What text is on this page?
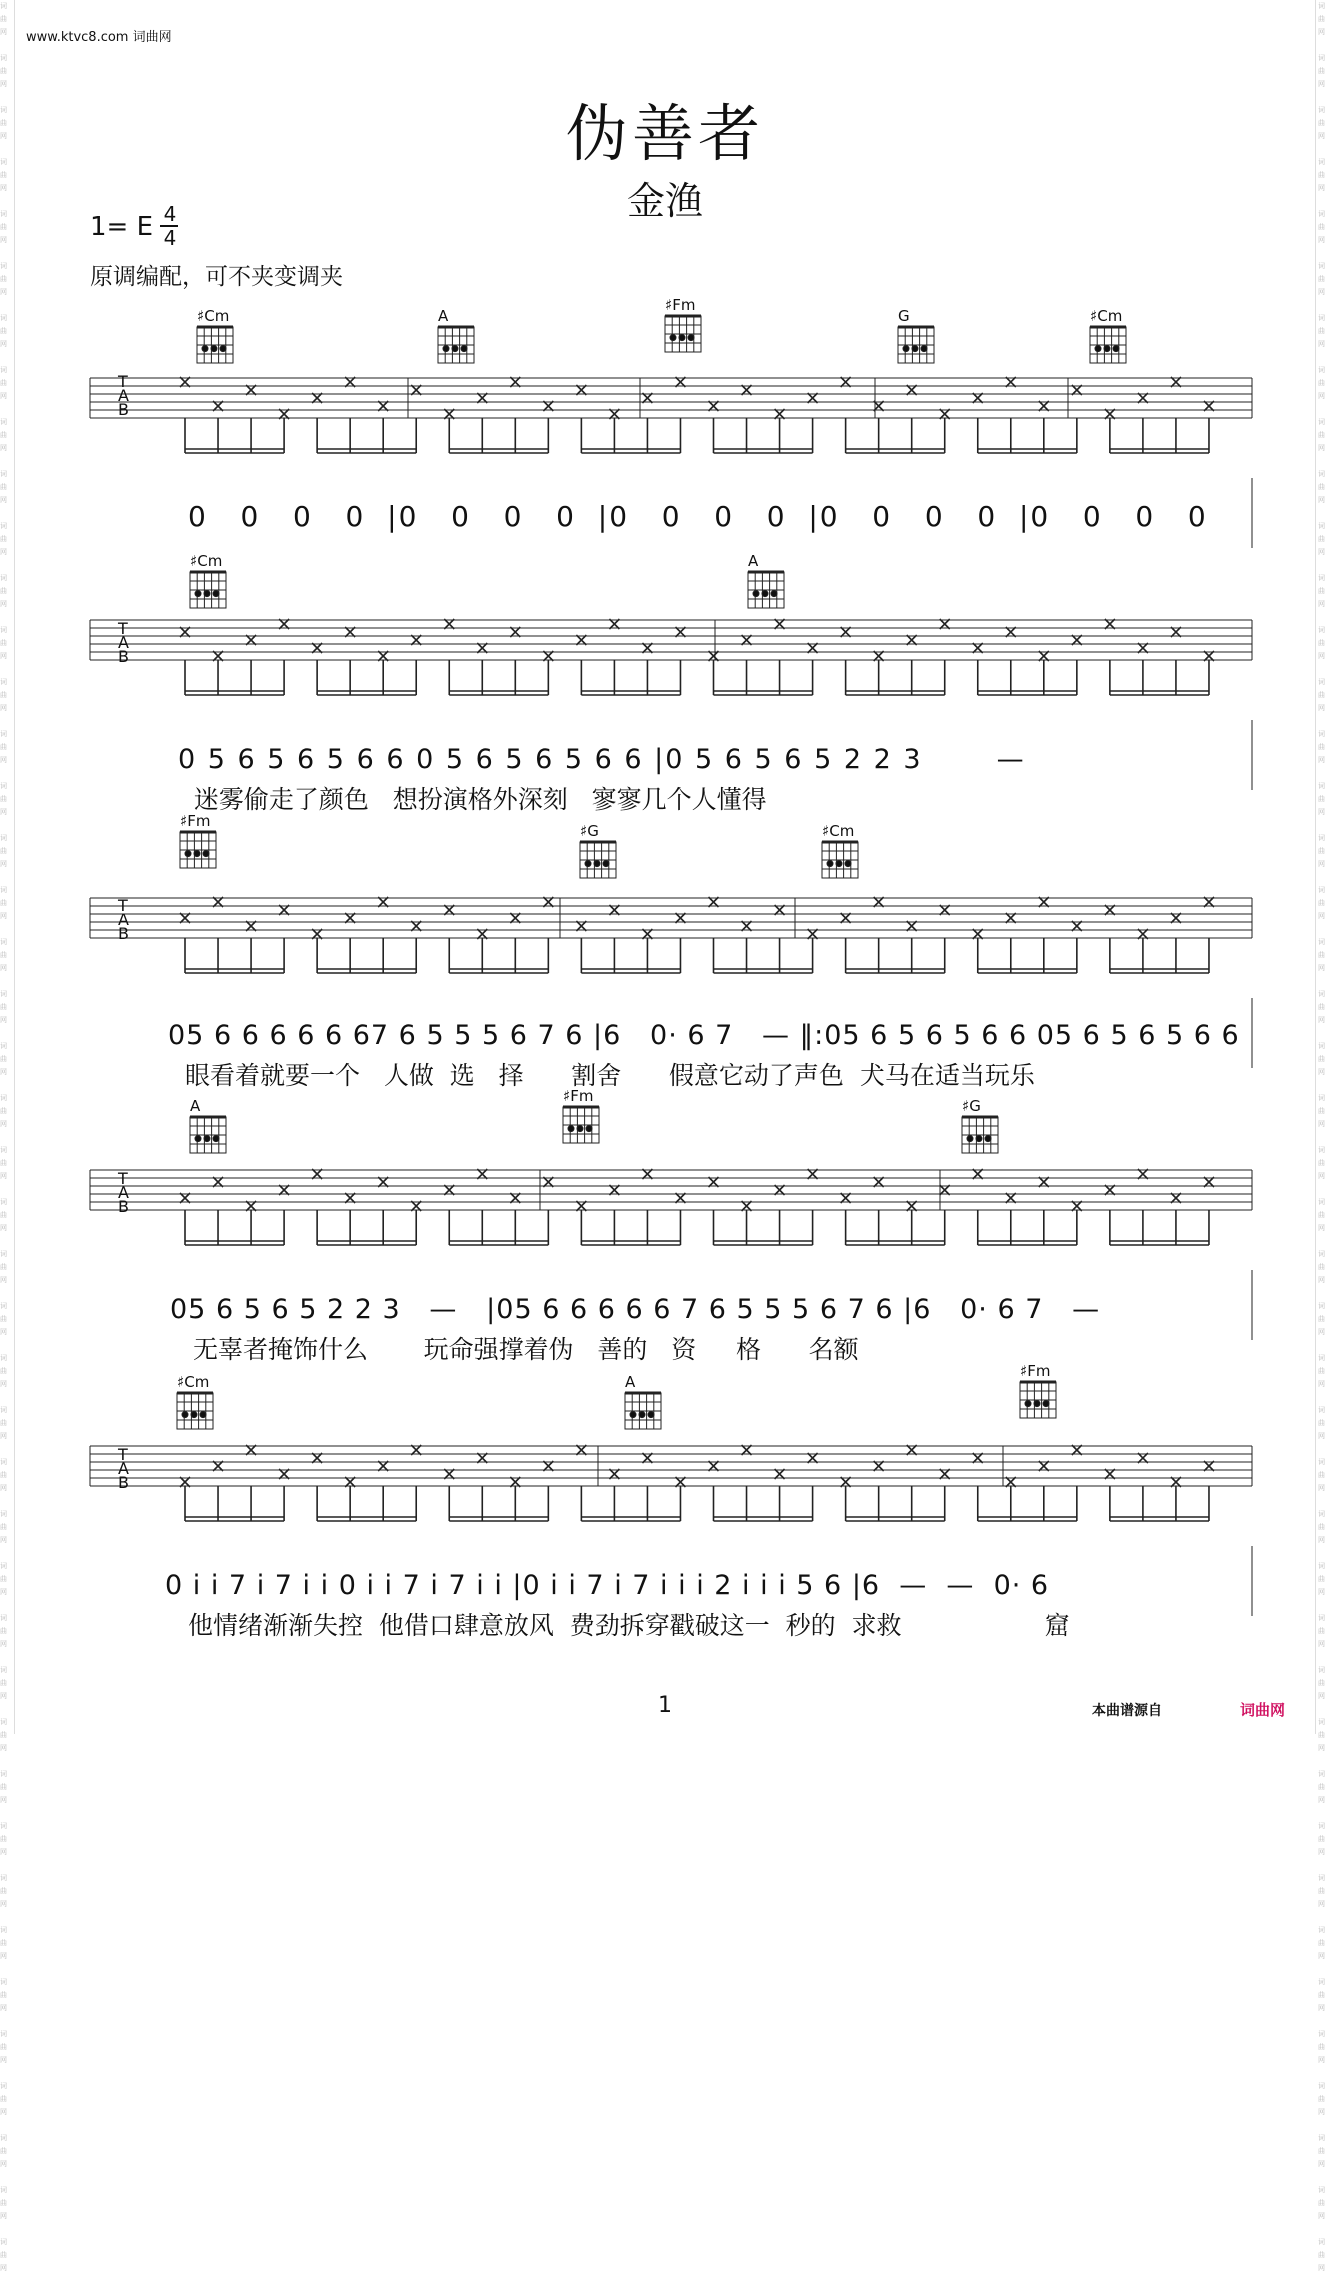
词
曲
网

词
曲
网

词
曲
网

词
曲
网

词
曲
网

词
曲
网

词
曲
网

词
曲
网

词
曲
网

词
曲
网

词
曲
网

词
曲
网

词
曲
网

词
曲
网

词
曲
网

词
曲
网

词
曲
网

词
曲
网

词
曲
网

词
曲
网

词
曲
网

词
曲
网

词
曲
网

词
曲
网

词
曲
网

词
曲
网

词
曲
网

词
曲
网

词
曲
网

词
曲
网

词
曲
网

词
曲
网

词
曲
网

词
曲
网

词
曲
网

词
曲
网

词
曲
网

词
曲
网

词
曲
网

词
曲
网

词
曲
网

词
曲
网

词
曲
网

词
曲
网

词
曲
网

词
曲
网

词
曲
网

词
曲
网

词
曲
网

词
曲
网

词
曲
网

词
曲
网

词
曲
网

词
曲
网

词
曲
网

词
曲
网

词
曲
网

词
曲
网

词
曲
网

词
曲
网

词
曲
网

词
曲
网

词
曲
网

词
曲
网

词
曲
网

词
曲
网

词
曲
网

词
曲
网

词
曲
网

词
曲
网

词
曲
网

词
曲
网

词
曲
网

词
曲
网

词
曲
网

词
曲
网

词
曲
网

词
曲
网

词
曲
网

词
曲
网

词
曲
网

词
曲
网

词
曲
网

词
曲
网

词
曲
网

词
曲
网

词
曲
网

词
曲
网

www.ktvc8.com 词曲网
伪善者
金渔
1= E 4
4
原调编配，可不夹变调夹
♯Cm	A
♯Fm
G	♯Cm
♯Cm	A
♯Fm
♯G	♯Cm
A
♯Fm
♯G
♯Cm	A
♯Fm
T
A
B
T
A
B
T
A
B
T
A
B
T
A
B
0   0   0   0  |0   0   0   0  |0   0   0   0  |0   0   0   0  |0   0   0   0
0 5 6 5 6 5 6 6 0 5 6 5 6 5 6 6 |0 5 6 5 6 5 2 2 3       —
迷雾偷走了颜色   想扮演格外深刻   寥寥几个人懂得
05 6 6 6 6 6 67 6 5 5 5 6 7 6 |6   0· 6 7   — ‖:05 6 5 6 5 6 6 05 6 5 6 5 6 6
眼看着就要一个   人做  选   择      割舍      假意它动了声色  犬马在适当玩乐
05 6 5 6 5 2 2 3   —   |05 6 6 6 6 6 7 6 5 5 5 6 7 6 |6   0· 6 7   —
无辜者掩饰什么       玩命强撑着伪   善的   资     格      名额
0 i i 7 i 7 i i 0 i i 7 i 7 i i |0 i i 7 i 7 i i i 2 i i i 5 6 |6  —  —  0· 6
他情绪渐渐失控  他借口肆意放风  费劲拆穿戳破这一  秒的  求救                  窟
1	本曲谱源自	词曲网
